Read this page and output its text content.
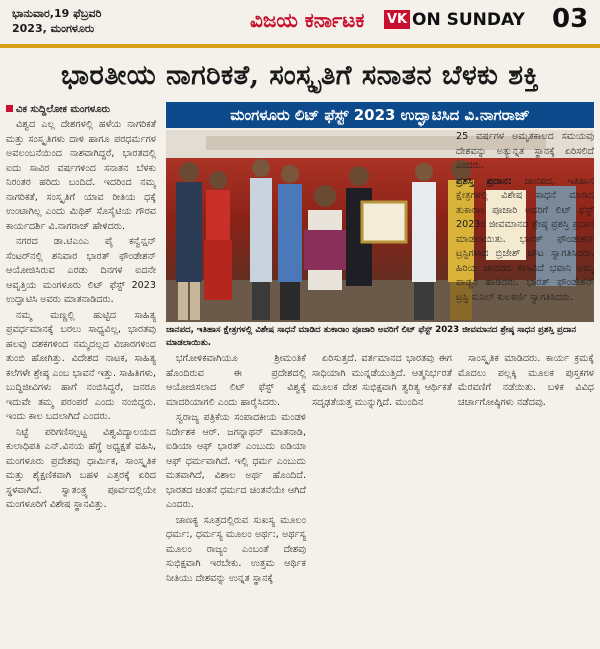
ಭಾನುವಾರ,19 ಫೆಬ್ರವರಿ
2023, ಮಂಗಳೂರು	ವಿಜಯ ಕರ್ನಾಟಕ VK ON SUNDAY 03
ಭಾರತೀಯ ನಾಗರಿಕತೆ, ಸಂಸ್ಕೃತಿಗೆ ಸನಾತನ ಬೆಳಕು ಶಕ್ತಿ
ವಿಕ ಸುದ್ದಿಲೋಕ ಮಂಗಳೂರು	ಮಂಗಳೂರು ಲಿಟ್ ಫೆಸ್ಟ್ 2023 ಉದ್ಘಾಟಿಸಿದ ವಿ.ನಾಗರಾಜ್
ಜಾನಪದ, ಇತಿಹಾಸ ಕ್ಷೇತ್ರಗಳಲ್ಲಿ ವಿಶೇಷ ಸಾಧನೆ ಮಾಡಿದ ತುಕಾರಾಂ ಪೂಜಾರಿ ಅವರಿಗೆ ಲಿಟ್ ಫೆಸ್ಟ್ 2023 ಜೀವಮಾನದ ಶ್ರೇಷ್ಠ ಸಾಧನ ಪ್ರಶಸ್ತಿ ಪ್ರದಾನ ಮಾಡಲಾಯಿತು.

ವಿಶ್ವದ ಎಲ್ಲ ದೇಶಗಳಲ್ಲಿ ಹಳೆಯ ನಾಗರಿಕತೆ ಮತ್ತು ಸಂಸ್ಕೃತಿಗಳು ದಾಳಿ ಹಾಗೂ ಪರಧರ್ಮಗಳ ಅವಲಂಬನೆಯಿಂದ ನಾಶವಾಗಿದ್ದರೆ, ಭಾರತದಲ್ಲಿ ಐದು ಸಾವಿರ ವರ್ಷಗಳಿಂದ ಸನಾತನ ಬೆಳಕು ನಿರಂತರ ಹರಿದು ಬಂದಿದೆ. ಇದರಿಂದ ನಮ್ಮ ನಾಗರಿಕತೆ, ಸಂಸ್ಕೃತಿಗೆ ಯಾವ ರೀತಿಯ ಧಕ್ಕೆ ಉಂಟಾಗಿಲ್ಲ ಎಂದು ಮಿಥಿಕ್ ಸೊಸೈಟಿಯ ಗೌರವ ಕಾರ್ಯದರ್ಶಿ ವಿ.ನಾಗರಾಜ್ ಹೇಳಿದರು.

ನಗರದ ಡಾ.ಟಿಎಂಎ ಪೈ ಕನ್ವೆನ್ಷನ್ ಸೆಂಟರ್‌ನಲ್ಲಿ ಶನಿವಾರ ಭಾರತ್ ಫೌಂಡೇಶನ್ ಆಯೋಜಿಸಿರುವ ಎರಡು ದಿನಗಳ ಐದನೇ ಆವೃತ್ತಿಯ ಮಂಗಳೂರು ಲಿಟ್ ಫೆಸ್ಟ್ 2023 ಉದ್ಘಾಟಿಸಿ ಅವರು ಮಾತನಾಡಿದರು.

ನಮ್ಮ ಮಣ್ಣಲ್ಲಿ ಹುಟ್ಟಿದ ಸಾಹಿತ್ಯ ಪ್ರವರ್ಧಮಾನಕ್ಕೆ ಬರಲು ಸಾಧ್ಯವಿಲ್ಲ, ಭಾರತವು ಹಲವು ದಶಕಗಳಿಂದ ನಮ್ಮದಲ್ಲದ ವಿಚಾರಗಳಿಂದ ತುಂಬಿ ಹೋಗಿತ್ತು. ವಿದೇಶದ ನಾಟಕ, ಸಾಹಿತ್ಯ ಕಲೆಗಳೇ ಶ್ರೇಷ್ಠ ಎಂಬ ಭಾವನೆ ಇತ್ತು. ಸಾಹಿತಿಗಳು, ಬುದ್ಧಿಜೀವಿಗಳು ಹಾಗೆ ನಂಬಿಸಿದ್ದರೆ, ಜನರೂ ಇದುವೇ ತಮ್ಮ ಪರಂಪರೆ ಎಂದು ನಂಬಿದ್ದರು. ಇಂದು ಕಾಲ ಬದಲಾಗಿದೆ ಎಂದರು.

ನಿಟ್ಟೆ ಪರಿಗಣಿಸಲ್ಪಟ್ಟ ವಿಶ್ವವಿದ್ಯಾಲಯದ ಕುಲಾಧಿಪತಿ ಎನ್.ವಿನಯ ಹೆಗ್ಡೆ ಅಧ್ಯಕ್ಷತೆ ವಹಿಸಿ, ಮಂಗಳೂರು ಪ್ರದೇಶವು ಧಾರ್ಮಿಕ, ಸಾಂಸ್ಕೃತಿಕ ಮತ್ತು ಶೈಕ್ಷಣಿಕವಾಗಿ ಬಹಳ ಎತ್ತರಕ್ಕೆ ಏರಿದ ಸ್ಥಳವಾಗಿದೆ. ಸ್ವಾತಂತ್ರ್ಯ ಪೂರ್ವದಲ್ಲಿಯೇ ಮಂಗಳೂರಿಗೆ ವಿಶೇಷ ಸ್ಥಾನವಿತ್ತು.

25 ವರ್ಷಗಳ ಅಮೃತಕಾಲದ ಸಮಯವು ದೇಶವನ್ನು ಅತ್ಯುನ್ನತ ಸ್ಥಾನಕ್ಕೆ ಏರಿಸಲಿದೆ ಎಂದರು.

ಪ್ರಶಸ್ತಿ ಪ್ರದಾನ: ಜಾನಪದ, ಇತಿಹಾಸ ಕ್ಷೇತ್ರಗಳಲ್ಲಿ ವಿಶೇಷ ಸಾಧನೆ ಮಾಡಿದ ತುಕಾರಾಂ ಪೂಜಾರಿ ಅವರಿಗೆ ಲಿಟ್ ಫೆಸ್ಟ್ 2023ರ ಜೀವಮಾನದ ಶ್ರೇಷ್ಠ ಪ್ರಶಸ್ತಿ ಪ್ರದಾನ ಮಾಡಲಾಯಿತು. ಭಾರತ್ ಫೌಂಡೇಶನ್ ಟ್ರಸ್ಟಿಗಳಾದ ಬ್ರಿಜೇಶ್ ಚೌಟ ಸ್ವಾಗತಿಸಿದರು. ಹಿರಿಯ ಜಾನಪದ ಕಲಾವಿದೆ ಭವಾನಿ ಅಮ್ಮ ಪಾಡ್ದನ ಹಾಡಿದರು. ಭಾರತ್ ಫೌಂಡೇಶನ್ ಟ್ರಸ್ಟಿ ಸುನಿಲ್ ಕುಲಕರ್ಣಿ ಸ್ವಾಗತಿಸಿದರು.

ಭಗೋಳಿಕವಾಗಿಯೂ ಶ್ರೀಮಂತಿಕೆ ಹೊಂದಿರುವ ಈ ಪ್ರದೇಶದಲ್ಲಿ ಆಯೋಜಿಸಲಾದ ಲಿಟ್ ಫೆಸ್ಟ್ ವಿಶ್ವಕ್ಕೆ ಮಾದರಿಯಾಗಲಿ ಎಂದು ಹಾರೈಸಿದರು.

ಸ್ವರಾಜ್ಯ ಪತ್ರಿಕೆಯ ಸಂಪಾದಕೀಯ ಮಂಡಳಿ ನಿರ್ದೇಶಕ ಆರ್. ಜಗನ್ನಾಥನ್ ಮಾತನಾಡಿ, ಐಡಿಯಾ ಆಫ್ ಭಾರತ್ ಎಂಬುದು ಐಡಿಯಾ ಆಫ್ ಧರ್ಮವಾಗಿದೆ. ಇಲ್ಲಿ ಧರ್ಮ ಎಂಬುದು ಮತವಾಗಿದೆ, ವಿಶಾಲ ಅರ್ಥ ಹೊಂದಿದೆ. ಭಾರತದ ಚಿಂತನೆ ಧರ್ಮದ ಚಿಂತನೆಯೇ ಆಗಿದೆ ಎಂದರು.

ಚಾಣಕ್ಯ ಸೂತ್ರದಲ್ಲಿರುವ ಸುಖಸ್ಯ ಮೂಲಂ ಧರ್ಮ:, ಧರ್ಮಸ್ಯ ಮೂಲಂ ಅರ್ಥ:, ಅರ್ಥಸ್ಯ ಮೂಲಂ ರಾಜ್ಯಂ ಎಂಬಂತೆ ದೇಶವು ಸುಭಿಕ್ಷವಾಗಿ ಇರಬೇಕು. ಉತ್ತಮ ಆರ್ಥಿಕ ನೀತಿಯು ದೇಶವನ್ನು ಉನ್ನತ ಸ್ಥಾನಕ್ಕೆ

ಏರಿಸುತ್ತದೆ. ವರ್ತಮಾನದ ಭಾರತವು ಈಗ ಸಾಧಿಯಾಗಿ ಮುನ್ನಡೆಯುತ್ತಿದೆ. ಆತ್ಮನಿರ್ಭರತೆ ಮೂಲಕ ದೇಶ ಸುಭಿಕ್ಷವಾಗಿ ತ್ವರಿತ್ಯ ಆರ್ಥಿಕತೆ ಸದೃಢತೆಯತ್ತ ಮುನ್ನುಗ್ಗಿದೆ. ಮುಂದಿನ

ಸಾಂಸ್ಕೃತಿಕ ಮಾಡಿದರು. ಕಾರ್ಯ ಕ್ರಮಕ್ಕೆ ಮೊದಲು ಪಲ್ಲಕ್ಕಿ ಮೂಲಕ ಪುಸ್ತಕಗಳ ಮೆರವಣಿಗೆ ನಡೆಯಿತು. ಬಳಿಕ ವಿವಿಧ ಚರ್ಚಾಗೋಷ್ಠಿಗಳು ನಡೆದವು.
